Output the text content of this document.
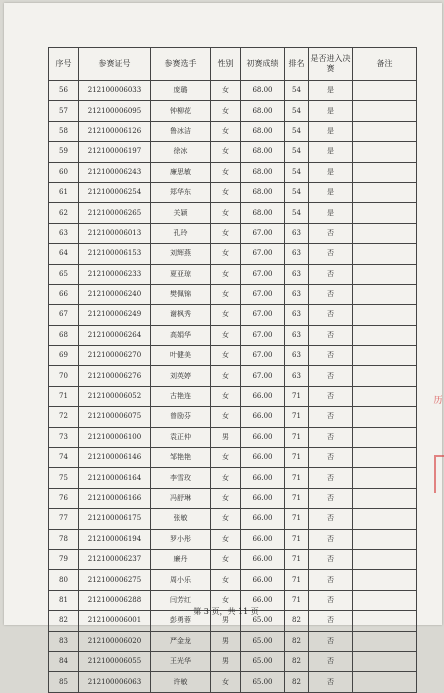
序号	参赛证号	参赛选手	性别	初赛成绩	排名	是否进入决赛	备注
56	212100006033	庞璐	女	68.00	54	是	
57	212100006095	钟柳花	女	68.00	54	是	
58	212100006126	鲁冰洁	女	68.00	54	是	
59	212100006197	徐冰	女	68.00	54	是	
60	212100006243	廉思敏	女	68.00	54	是	
61	212100006254	郑华东	女	68.00	54	是	
62	212100006265	关颖	女	68.00	54	是	
63	212100006013	孔玲	女	67.00	63	否	
64	212100006153	刘辉燕	女	67.00	63	否	
65	212100006233	夏亚琼	女	67.00	63	否	
66	212100006240	樊佩锦	女	67.00	63	否	
67	212100006249	谢枫秀	女	67.00	63	否	
68	212100006264	高娟华	女	67.00	63	否	
69	212100006270	叶健美	女	67.00	63	否	
70	212100006276	刘英婷	女	67.00	63	否	
71	212100006052	古艳连	女	66.00	71	否	
72	212100006075	曾励芬	女	66.00	71	否	
73	212100006100	袁正仲	男	66.00	71	否	
74	212100006146	邹艳艳	女	66.00	71	否	
75	212100006164	李雪玫	女	66.00	71	否	
76	212100006166	冯舒琳	女	66.00	71	否	
77	212100006175	张敏	女	66.00	71	否	
78	212100006194	罗小彤	女	66.00	71	否	
79	212100006237	廉丹	女	66.00	71	否	
80	212100006275	周小乐	女	66.00	71	否	
81	212100006288	闫芳红	女	66.00	71	否	
82	212100006001	彭勇蓉	男	65.00	82	否	
83	212100006020	严金龙	男	65.00	82	否	
84	212100006055	王光华	男	65.00	82	否	
85	212100006063	许敏	女	65.00	82	否	
第 3 页，共 11 页
历
